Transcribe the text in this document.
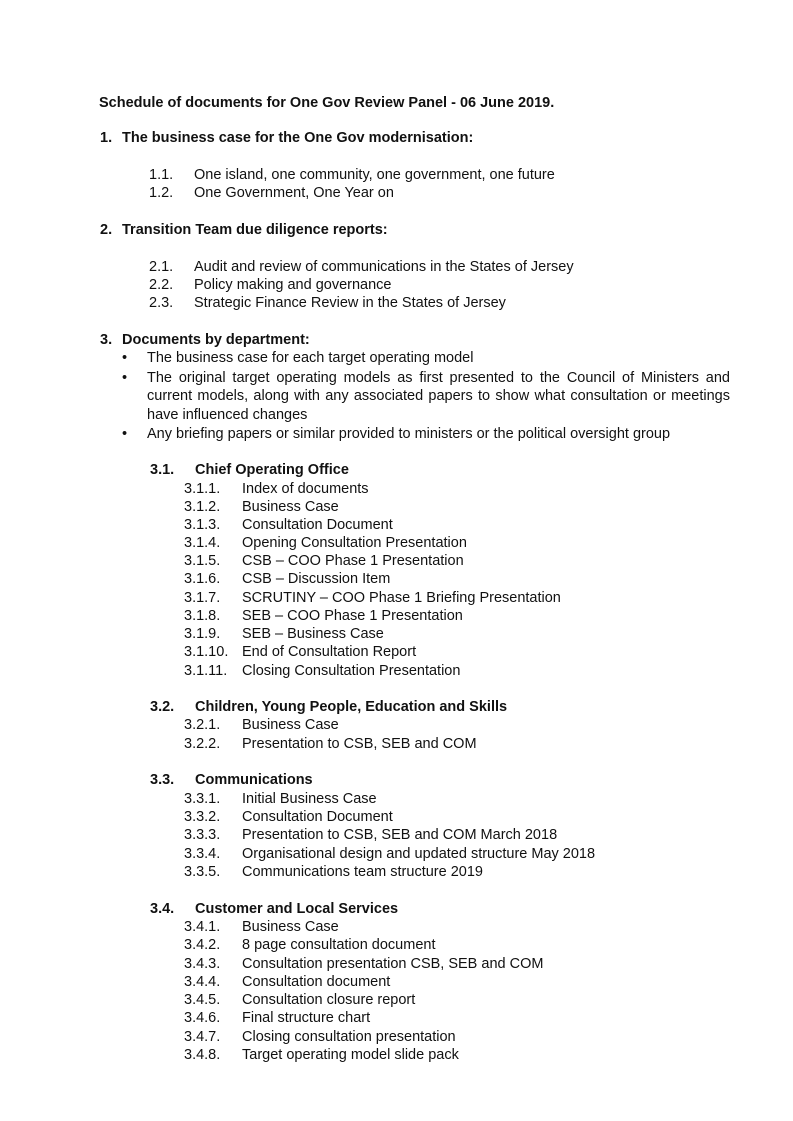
Schedule of documents for One Gov Review Panel - 06 June 2019.
1. The business case for the One Gov modernisation:
1.1. One island, one community, one government, one future
1.2. One Government, One Year on
2. Transition Team due diligence reports:
2.1. Audit and review of communications in the States of Jersey
2.2. Policy making and governance
2.3. Strategic Finance Review in the States of Jersey
3. Documents by department:
• The business case for each target operating model
• The original target operating models as first presented to the Council of Ministers and current models, along with any associated papers to show what consultation or meetings have influenced changes
• Any briefing papers or similar provided to ministers or the political oversight group
3.1. Chief Operating Office
3.1.1. Index of documents
3.1.2. Business Case
3.1.3. Consultation Document
3.1.4. Opening Consultation Presentation
3.1.5. CSB – COO Phase 1 Presentation
3.1.6. CSB – Discussion Item
3.1.7. SCRUTINY – COO Phase 1 Briefing Presentation
3.1.8. SEB – COO Phase 1 Presentation
3.1.9. SEB – Business Case
3.1.10. End of Consultation Report
3.1.11. Closing Consultation Presentation
3.2. Children, Young People, Education and Skills
3.2.1. Business Case
3.2.2. Presentation to CSB, SEB and COM
3.3. Communications
3.3.1. Initial Business Case
3.3.2. Consultation Document
3.3.3. Presentation to CSB, SEB and COM March 2018
3.3.4. Organisational design and updated structure May 2018
3.3.5. Communications team structure 2019
3.4. Customer and Local Services
3.4.1. Business Case
3.4.2. 8 page consultation document
3.4.3. Consultation presentation CSB, SEB and COM
3.4.4. Consultation document
3.4.5. Consultation closure report
3.4.6. Final structure chart
3.4.7. Closing consultation presentation
3.4.8. Target operating model slide pack
